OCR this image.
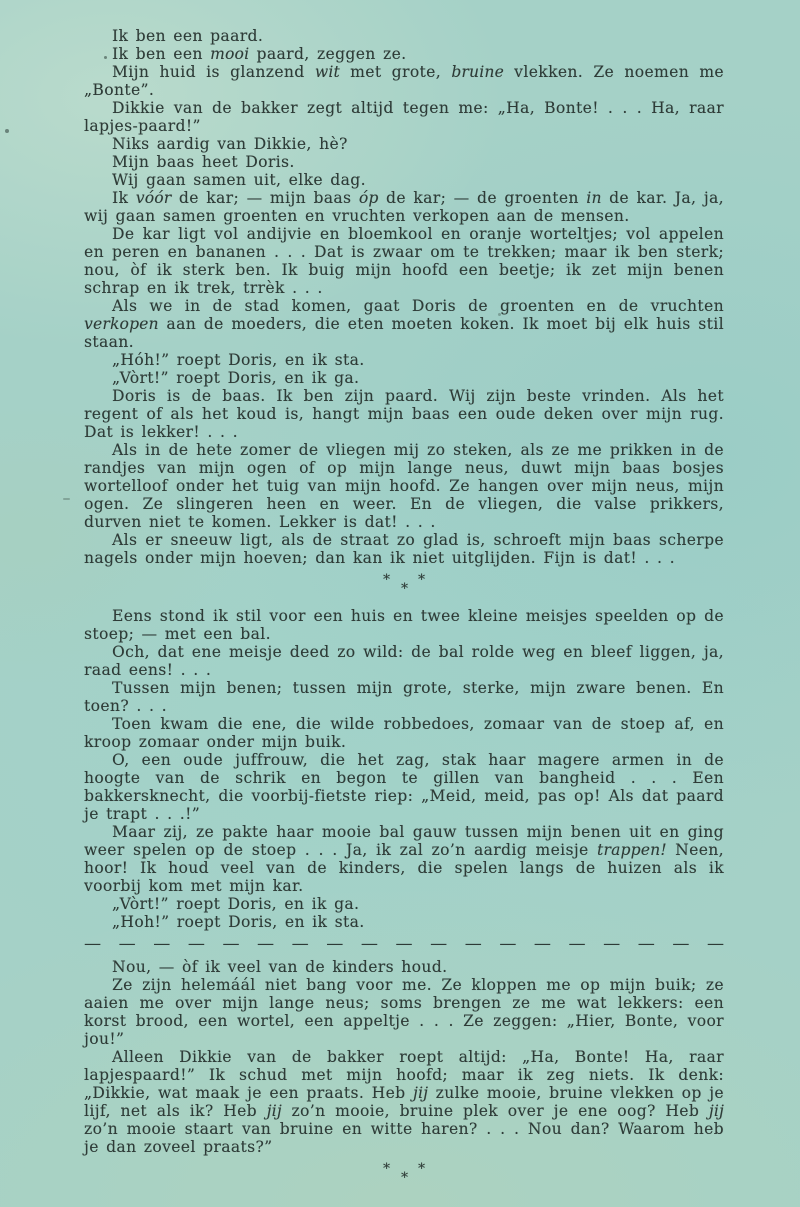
Ik ben een paard.

Ik ben een mooi paard, zeggen ze.

Mijn huid is glanzend wit met grote, bruine vlekken. Ze noemen me „Bonte”.

Dikkie van de bakker zegt altijd tegen me: „Ha, Bonte! . . . Ha, raar lapjes-paard!”

Niks aardig van Dikkie, hè?

Mijn baas heet Doris.

Wij gaan samen uit, elke dag.

Ik vóór de kar; — mijn baas óp de kar; — de groenten in de kar. Ja, ja, wij gaan samen groenten en vruchten verkopen aan de mensen.

De kar ligt vol andijvie en bloemkool en oranje worteltjes; vol appelen en peren en bananen . . . Dat is zwaar om te trekken; maar ik ben sterk; nou, òf ik sterk ben. Ik buig mijn hoofd een beetje; ik zet mijn benen schrap en ik trek, trrèk . . .

Als we in de stad komen, gaat Doris de groenten en de vruchten verkopen aan de moeders, die eten moeten koken. Ik moet bij elk huis stil staan.

„Hóh!” roept Doris, en ik sta.

„Vòrt!” roept Doris, en ik ga.

Doris is de baas. Ik ben zijn paard. Wij zijn beste vrinden. Als het regent of als het koud is, hangt mijn baas een oude deken over mijn rug. Dat is lekker! . . .

Als in de hete zomer de vliegen mij zo steken, als ze me prikken in de randjes van mijn ogen of op mijn lange neus, duwt mijn baas bosjes wortelloof onder het tuig van mijn hoofd. Ze hangen over mijn neus, mijn ogen. Ze slingeren heen en weer. En de vliegen, die valse prikkers, durven niet te komen. Lekker is dat! . . .

Als er sneeuw ligt, als de straat zo glad is, schroeft mijn baas scherpe nagels onder mijn hoeven; dan kan ik niet uitglijden. Fijn is dat! . . .

* *
*

Eens stond ik stil voor een huis en twee kleine meisjes speelden op de stoep; — met een bal.

Och, dat ene meisje deed zo wild: de bal rolde weg en bleef liggen, ja, raad eens! . . .

Tussen mijn benen; tussen mijn grote, sterke, mijn zware benen. En toen? . . .

Toen kwam die ene, die wilde robbedoes, zomaar van de stoep af, en kroop zomaar onder mijn buik.

O, een oude juffrouw, die het zag, stak haar magere armen in de hoogte van de schrik en begon te gillen van bangheid . . . Een bakkersknecht, die voorbij-fietste riep: „Meid, meid, pas op! Als dat paard je trapt . . .!”

Maar zij, ze pakte haar mooie bal gauw tussen mijn benen uit en ging weer spelen op de stoep . . . Ja, ik zal zo’n aardig meisje trappen! Neen, hoor! Ik houd veel van de kinders, die spelen langs de huizen als ik voorbij kom met mijn kar.

„Vòrt!” roept Doris, en ik ga.

„Hoh!” roept Doris, en ik sta.

— — — — — — — — — — — — — — — — — — —

Nou, — òf ik veel van de kinders houd.

Ze zijn helemáál niet bang voor me. Ze kloppen me op mijn buik; ze aaien me over mijn lange neus; soms brengen ze me wat lekkers: een korst brood, een wortel, een appeltje . . . Ze zeggen: „Hier, Bonte, voor jou!”

Alleen Dikkie van de bakker roept altijd: „Ha, Bonte! Ha, raar lapjespaard!” Ik schud met mijn hoofd; maar ik zeg niets. Ik denk: „Dikkie, wat maak je een praats. Heb jij zulke mooie, bruine vlekken op je lijf, net als ik? Heb jij zo’n mooie, bruine plek over je ene oog? Heb jij zo’n mooie staart van bruine en witte haren? . . . Nou dan? Waarom heb je dan zoveel praats?”

* *
*
